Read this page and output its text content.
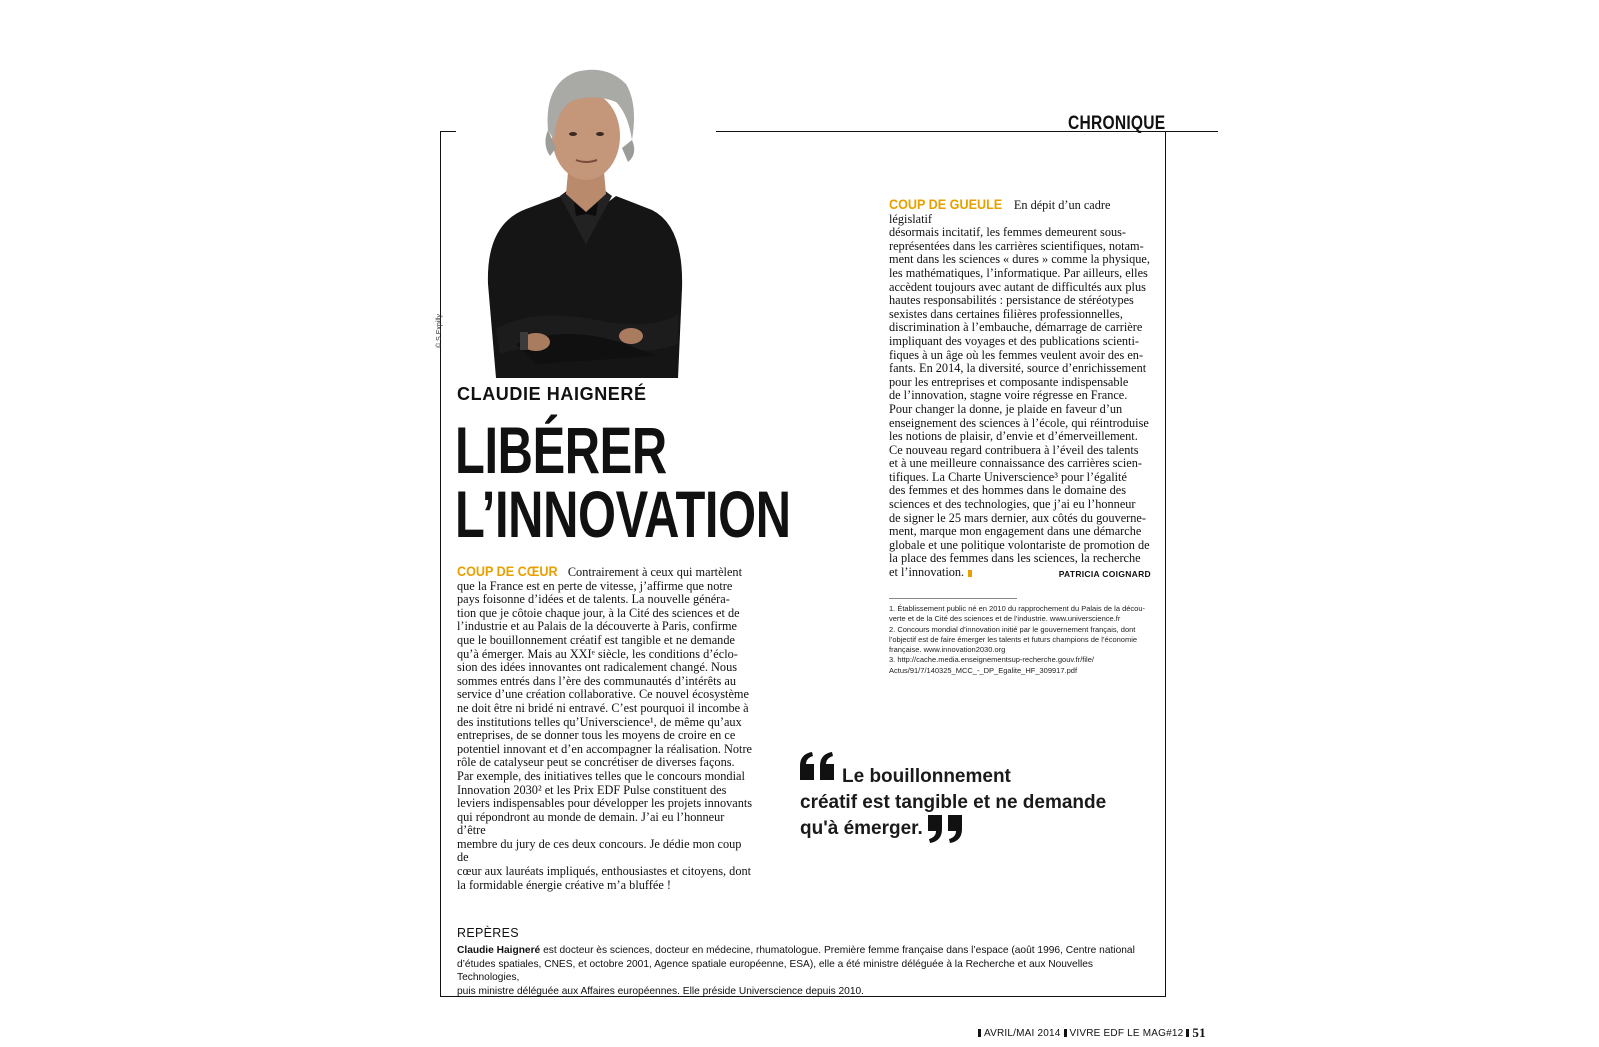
CHRONIQUE
© S Expilly
CLAUDIE HAIGNERÉ
LIBÉRER
L’INNOVATION
COUP DE CŒUR Contrairement à ceux qui martèlent
que la France est en perte de vitesse, j’affirme que notre
pays foisonne d’idées et de talents. La nouvelle généra-
tion que je côtoie chaque jour, à la Cité des sciences et de
l’industrie et au Palais de la découverte à Paris, confirme
que le bouillonnement créatif est tangible et ne demande
qu’à émerger. Mais au XXIᵉ siècle, les conditions d’éclo-
sion des idées innovantes ont radicalement changé. Nous
sommes entrés dans l’ère des communautés d’intérêts au
service d’une création collaborative. Ce nouvel écosystème
ne doit être ni bridé ni entravé. C’est pourquoi il incombe à
des institutions telles qu’Universcience¹, de même qu’aux
entreprises, de se donner tous les moyens de croire en ce
potentiel innovant et d’en accompagner la réalisation. Notre
rôle de catalyseur peut se concrétiser de diverses façons.
Par exemple, des initiatives telles que le concours mondial
Innovation 2030² et les Prix EDF Pulse constituent des
leviers indispensables pour développer les projets innovants
qui répondront au monde de demain. J’ai eu l’honneur d’être
membre du jury de ces deux concours. Je dédie mon coup de
cœur aux lauréats impliqués, enthousiastes et citoyens, dont
la formidable énergie créative m’a bluffée !
COUP DE GUEULE En dépit d’un cadre législatif
désormais incitatif, les femmes demeurent sous-
représentées dans les carrières scientifiques, notam-
ment dans les sciences « dures » comme la physique,
les mathématiques, l’informatique. Par ailleurs, elles
accèdent toujours avec autant de difficultés aux plus
hautes responsabilités : persistance de stéréotypes
sexistes dans certaines filières professionnelles,
discrimination à l’embauche, démarrage de carrière
impliquant des voyages et des publications scienti-
fiques à un âge où les femmes veulent avoir des en-
fants. En 2014, la diversité, source d’enrichissement
pour les entreprises et composante indispensable
de l’innovation, stagne voire régresse en France.
Pour changer la donne, je plaide en faveur d’un
enseignement des sciences à l’école, qui réintroduise
les notions de plaisir, d’envie et d’émerveillement.
Ce nouveau regard contribuera à l’éveil des talents
et à une meilleure connaissance des carrières scien-
tifiques. La Charte Universcience³ pour l’égalité
des femmes et des hommes dans le domaine des
sciences et des technologies, que j’ai eu l’honneur
de signer le 25 mars dernier, aux côtés du gouverne-
ment, marque mon engagement dans une démarche
globale et une politique volontariste de promotion de
la place des femmes dans les sciences, la recherche
et l’innovation.	PATRICIA COIGNARD
1. Établissement public né en 2010 du rapprochement du Palais de la décou-
verte et de la Cité des sciences et de l’industrie. www.universcience.fr
2. Concours mondial d’innovation initié par le gouvernement français, dont
l’objectif est de faire émerger les talents et futurs champions de l’économie
française. www.innovation2030.org
3. http://cache.media.enseignementsup-recherche.gouv.fr/file/
Actus/91/7/140325_MCC_-_DP_Egalite_HF_309917.pdf
Le bouillonnement
créatif est tangible et ne demande
qu'à émerger.
REPÈRES
Claudie Haigneré est docteur ès sciences, docteur en médecine, rhumatologue. Première femme française dans l’espace (août 1996, Centre national
d’études spatiales, CNES, et octobre 2001, Agence spatiale européenne, ESA), elle a été ministre déléguée à la Recherche et aux Nouvelles Technologies,
puis ministre déléguée aux Affaires européennes. Elle préside Universcience depuis 2010.
AVRIL/MAI 2014 VIVRE EDF LE MAG#12 51
